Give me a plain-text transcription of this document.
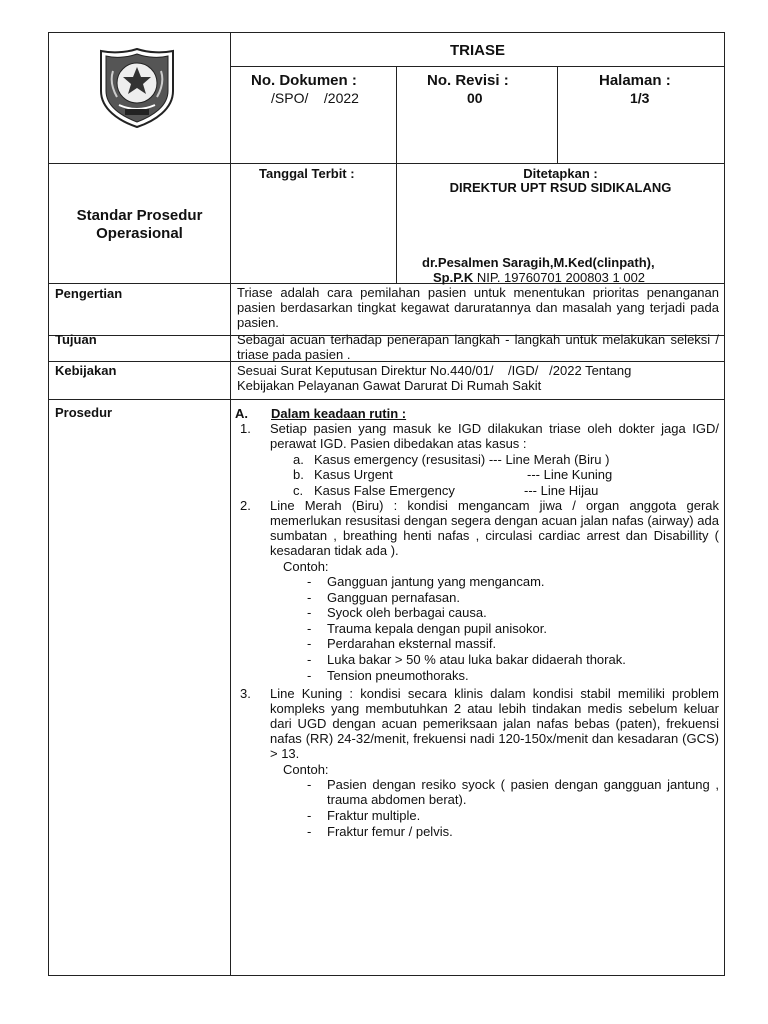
TRIASE
No. Dokumen :
/SPO/    /2022
No. Revisi :
00
Halaman :
1/3
Standar Prosedur
Operasional
Tanggal Terbit :	Ditetapkan :
DIREKTUR UPT RSUD SIDIKALANG
dr.Pesalmen Saragih,M.Ked(clinpath),
Sp.P.K NIP. 19760701 200803 1 002
Pengertian	Triase adalah cara pemilahan pasien untuk menentukan prioritas penanganan pasien berdasarkan tingkat kegawat daruratannya dan masalah yang terjadi pada pasien.
Tujuan	Sebagai acuan terhadap penerapan langkah - langkah untuk melakukan seleksi / triase pada pasien .
Kebijakan	Sesuai Surat Keputusan Direktur No.440/01/    /IGD/   /2022 Tentang
Kebijakan Pelayanan Gawat Darurat Di Rumah Sakit
Prosedur	A. Dalam keadaan rutin :
1. Setiap pasien yang masuk ke IGD dilakukan triase oleh dokter jaga IGD/ perawat IGD. Pasien dibedakan atas kasus :
a. Kasus emergency (resusitasi) --- Line Merah (Biru )
b. Kasus Urgent	--- Line Kuning
c. Kasus False Emergency	--- Line Hijau
2. Line Merah (Biru) : kondisi mengancam jiwa / organ anggota gerak memerlukan resusitasi dengan segera dengan acuan jalan nafas (airway) ada sumbatan , breathing henti nafas , circulasi cardiac arrest dan Disabillity ( kesadaran tidak ada ).
Contoh:
- Gangguan jantung yang mengancam.
- Gangguan pernafasan.
- Syock oleh berbagai causa.
- Trauma kepala dengan pupil anisokor.
- Perdarahan eksternal massif.
- Luka bakar > 50 % atau luka bakar didaerah thorak.
- Tension pneumothoraks.
3. Line Kuning : kondisi secara klinis dalam kondisi stabil memiliki problem kompleks yang membutuhkan 2 atau lebih tindakan medis sebelum keluar dari UGD dengan acuan pemeriksaan jalan nafas bebas (paten), frekuensi nafas (RR) 24-32/menit, frekuensi nadi 120-150x/menit dan kesadaran (GCS) > 13.
Contoh:
- Pasien dengan resiko syock ( pasien dengan gangguan jantung , trauma abdomen berat).
- Fraktur multiple.
- Fraktur femur / pelvis.
